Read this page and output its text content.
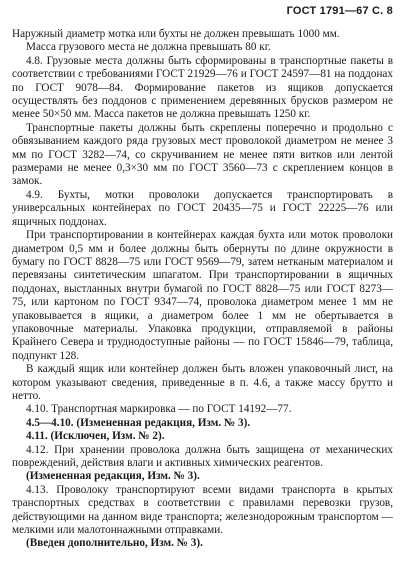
ГОСТ 1791—67 С. 8

Наружный диаметр мотка или бухты не должен превышать 1000 мм.

Масса грузового места не должна превышать 80 кг.

4.8. Грузовые места должны быть сформированы в транспортные пакеты в соответствии с требованиями ГОСТ 21929—76 и ГОСТ 24597—81 на поддонах по ГОСТ 9078—84. Формирование пакетов из ящиков допускается осуществлять без поддонов с применением деревянных брусков размером не менее 50×50 мм. Масса пакетов не должна превышать 1250 кг.

Транспортные пакеты должны быть скреплены поперечно и продольно с обвязыванием каждого ряда грузовых мест проволокой диаметром не менее 3 мм по ГОСТ 3282—74, со скручиванием не менее пяти витков или лентой размерами не менее 0,3×30 мм по ГОСТ 3560—73 с скреплением концов в замок.

4.9. Бухты, мотки проволоки допускается транспортировать в универсальных контейнерах по ГОСТ 20435—75 и ГОСТ 22225—76 или ящичных поддонах.

При транспортировании в контейнерах каждая бухта или моток проволоки диаметром 0,5 мм и более должны быть обернуты по длине окружности в бумагу по ГОСТ 8828—75 или ГОСТ 9569—79, затем нетканым материалом и перевязаны синтетическим шпагатом. При транспортировании в ящичных поддонах, выстланных внутри бумагой по ГОСТ 8828—75 или ГОСТ 8273—75, или картоном по ГОСТ 9347—74, проволока диаметром менее 1 мм не упаковывается в ящики, а диаметром более 1 мм не обертывается в упаковочные материалы. Упаковка продукции, отправляемой в районы Крайнего Севера и труднодоступные районы — по ГОСТ 15846—79, таблица, подпункт 128.

В каждый ящик или контейнер должен быть вложен упаковочный лист, на котором указывают сведения, приведенные в п. 4.6, а также массу брутто и нетто.

4.10. Транспортная маркировка — по ГОСТ 14192—77.

4.5—4.10. (Измененная редакция, Изм. № 3).

4.11. (Исключен, Изм. № 2).

4.12. При хранении проволока должна быть защищена от механических повреждений, действия влаги и активных химических реагентов.

(Измененная редакция, Изм. № 3).

4.13. Проволоку транспортируют всеми видами транспорта в крытых транспортных средствах в соответствии с правилами перевозки грузов, действующими на данном виде транспорта; железнодорожным транспортом — мелкими или малотоннажными отправками.

(Введен дополнительно, Изм. № 3).
